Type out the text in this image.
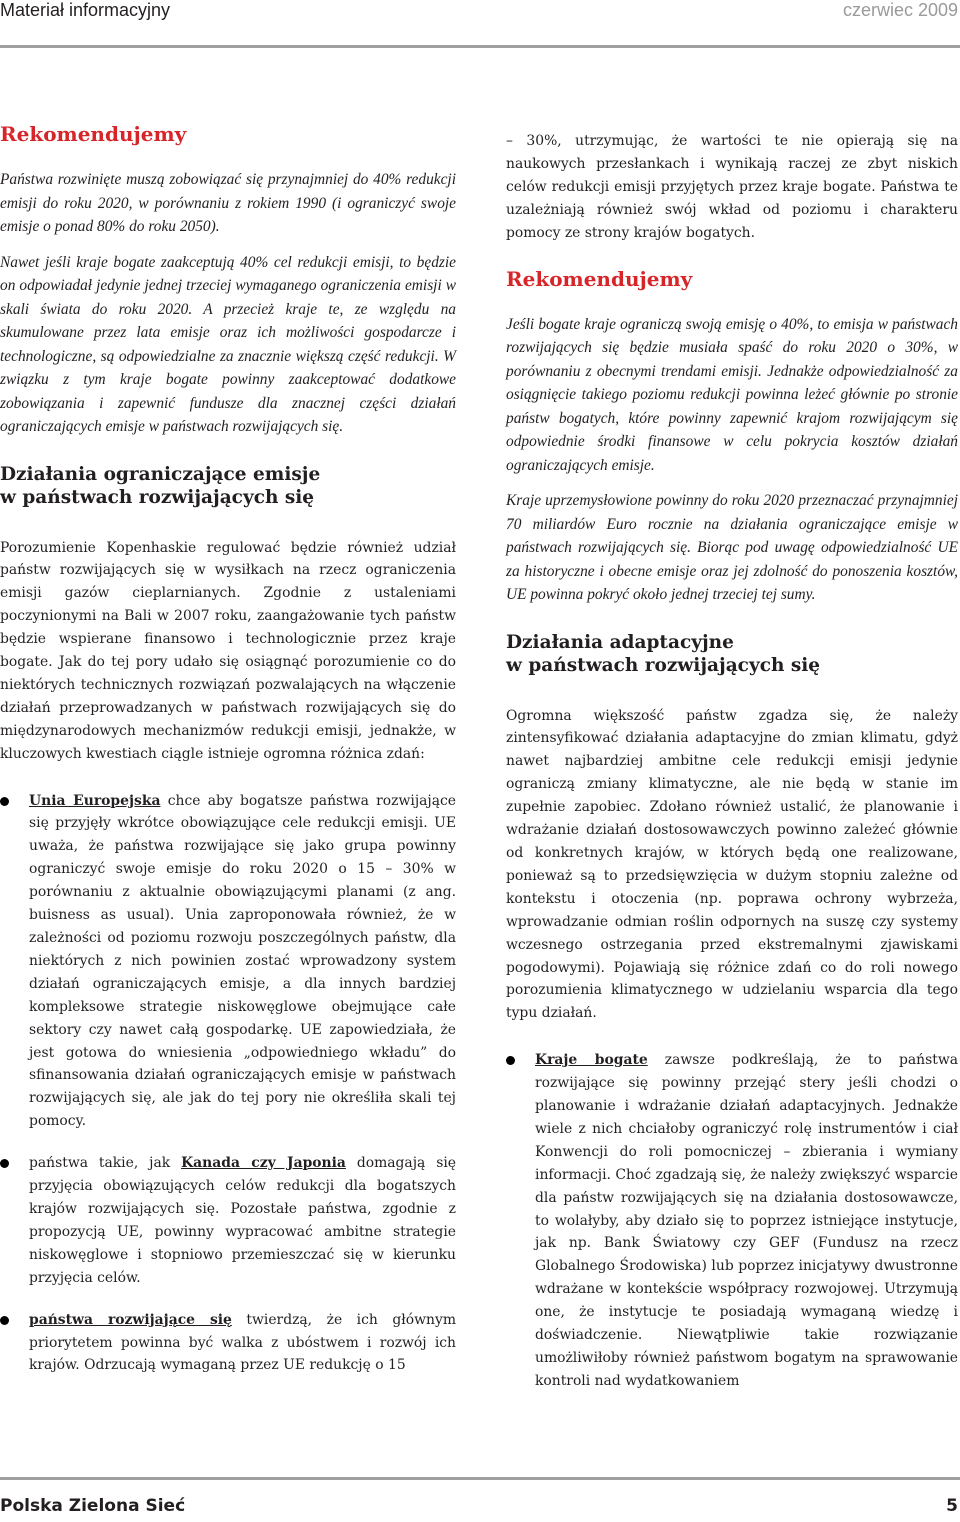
Materiał informacyjny	czerwiec 2009
Rekomendujemy

Państwa rozwinięte muszą zobowiązać się przynajmniej do 40% redukcji emisji do roku 2020, w porównaniu z rokiem 1990 (i ograniczyć swoje emisje o ponad 80% do roku 2050).

Nawet jeśli kraje bogate zaakceptują 40% cel redukcji emisji, to będzie on odpowiadał jedynie jednej trzeciej wymaganego ograniczenia emisji w skali świata do roku 2020. A przecież kraje te, ze względu na skumulowane przez lata emisje oraz ich możliwości gospodarcze i technologiczne, są odpowiedzialne za znacznie większą część redukcji. W związku z tym kraje bogate powinny zaakceptować dodatkowe zobowiązania i zapewnić fundusze dla znacznej części działań ograniczających emisje w państwach rozwijających się.

Działania ograniczające emisje
w państwach rozwijających się

Porozumienie Kopenhaskie regulować będzie również udział państw rozwijających się w wysiłkach na rzecz ograniczenia emisji gazów cieplarnianych. Zgodnie z ustaleniami poczynionymi na Bali w 2007 roku, zaangażowanie tych państw będzie wspierane finansowo i technologicznie przez kraje bogate. Jak do tej pory udało się osiągnąć porozumienie co do niektórych technicznych rozwiązań pozwalających na włączenie działań przeprowadzanych w państwach rozwijających się do międzynarodowych mechanizmów redukcji emisji, jednakże, w kluczowych kwestiach ciągle istnieje ogromna różnica zdań:

Unia Europejska chce aby bogatsze państwa rozwijające się przyjęły wkrótce obowiązujące cele redukcji emisji. UE uważa, że państwa rozwijające się jako grupa powinny ograniczyć swoje emisje do roku 2020 o 15 – 30% w porównaniu z aktualnie obowiązującymi planami (z ang. buisness as usual). Unia zaproponowała również, że w zależności od poziomu rozwoju poszczególnych państw, dla niektórych z nich powinien zostać wprowadzony system działań ograniczających emisje, a dla innych bardziej kompleksowe strategie niskowęglowe obejmujące całe sektory czy nawet całą gospodarkę. UE zapowiedziała, że jest gotowa do wniesienia „odpowiedniego wkładu” do sfinansowania działań ograniczających emisje w państwach rozwijających się, ale jak do tej pory nie określiła skali tej pomocy.
państwa takie, jak Kanada czy Japonia domagają się przyjęcia obowiązujących celów redukcji dla bogatszych krajów rozwijających się. Pozostałe państwa, zgodnie z propozycją UE, powinny wypracować ambitne strategie niskowęglowe i stopniowo przemieszczać się w kierunku przyjęcia celów.
państwa rozwijające się twierdzą, że ich głównym priorytetem powinna być walka z ubóstwem i rozwój ich krajów. Odrzucają wymaganą przez UE redukcję o 15

– 30%, utrzymując, że wartości te nie opierają się na naukowych przesłankach i wynikają raczej ze zbyt niskich celów redukcji emisji przyjętych przez kraje bogate. Państwa te uzależniają również swój wkład od poziomu i charakteru pomocy ze strony krajów bogatych.

Rekomendujemy

Jeśli bogate kraje ograniczą swoją emisję o 40%, to emisja w państwach rozwijających się będzie musiała spaść do roku 2020 o 30%, w porównaniu z obecnymi trendami emisji. Jednakże odpowiedzialność za osiągnięcie takiego poziomu redukcji powinna leżeć głównie po stronie państw bogatych, które powinny zapewnić krajom rozwijającym się odpowiednie środki finansowe w celu pokrycia kosztów działań ograniczających emisje.

Kraje uprzemysłowione powinny do roku 2020 przeznaczać przynajmniej 70 miliardów Euro rocznie na działania ograniczające emisje w państwach rozwijających się. Biorąc pod uwagę odpowiedzialność UE za historyczne i obecne emisje oraz jej zdolność do ponoszenia kosztów, UE powinna pokryć około jednej trzeciej tej sumy.

Działania adaptacyjne
w państwach rozwijających się

Ogromna większość państw zgadza się, że należy zintensyfikować działania adaptacyjne do zmian klimatu, gdyż nawet najbardziej ambitne cele redukcji emisji jedynie ograniczą zmiany klimatyczne, ale nie będą w stanie im zupełnie zapobiec. Zdołano również ustalić, że planowanie i wdrażanie działań dostosowawczych powinno zależeć głównie od konkretnych krajów, w których będą one realizowane, ponieważ są to przedsięwzięcia w dużym stopniu zależne od kontekstu i otoczenia (np. poprawa ochrony wybrzeża, wprowadzanie odmian roślin odpornych na suszę czy systemy wczesnego ostrzegania przed ekstremalnymi zjawiskami pogodowymi). Pojawiają się różnice zdań co do roli nowego porozumienia klimatycznego w udzielaniu wsparcia dla tego typu działań.

Kraje bogate zawsze podkreślają, że to państwa rozwijające się powinny przejąć stery jeśli chodzi o planowanie i wdrażanie działań adaptacyjnych. Jednakże wiele z nich chciałoby ograniczyć rolę instrumentów i ciał Konwencji do roli pomocniczej – zbierania i wymiany informacji. Choć zgadzają się, że należy zwiększyć wsparcie dla państw rozwijających się na działania dostosowawcze, to wolałyby, aby działo się to poprzez istniejące instytucje, jak np. Bank Światowy czy GEF (Fundusz na rzecz Globalnego Środowiska) lub poprzez inicjatywy dwustronne wdrażane w kontekście współpracy rozwojowej. Utrzymują one, że instytucje te posiadają wymaganą wiedzę i doświadczenie. Niewątpliwie takie rozwiązanie umożliwiłoby również państwom bogatym na sprawowanie kontroli nad wydatkowaniem
Polska Zielona Sieć	5
